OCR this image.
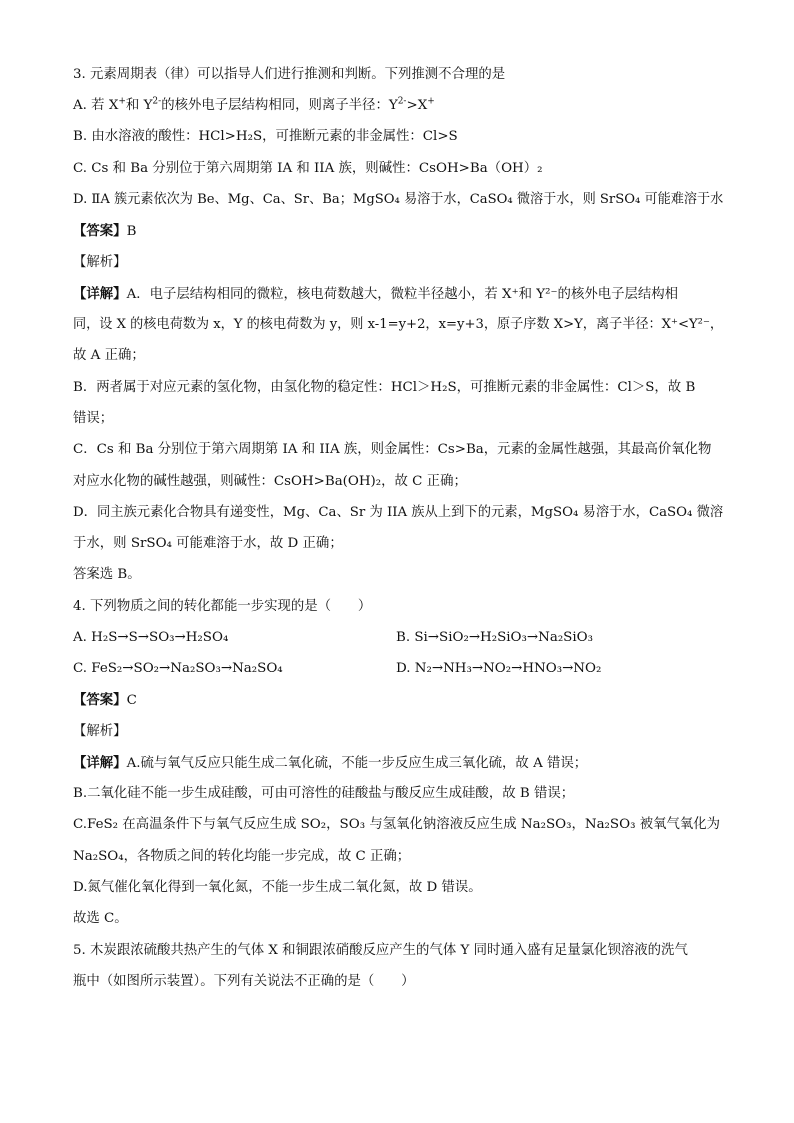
3. 元素周期表（律）可以指导人们进行推测和判断。下列推测不合理的是
A. 若 X+和 $Y^{2-}$的核外电子层结构相同，则离子半径：$Y^{2-}>X^+$
B. 由水溶液的酸性：HCl>H₂S，可推断元素的非金属性：Cl>S
C. Cs 和 Ba 分别位于第六周期第 IA 和 IIA 族，则碱性：CsOH>Ba（OH）₂
D. ⅡA 簇元素依次为 Be、Mg、Ca、Sr、Ba；MgSO₄ 易溶于水，CaSO₄ 微溶于水，则 SrSO₄ 可能难溶于水
【答案】B
【解析】
【详解】A．电子层结构相同的微粒，核电荷数越大，微粒半径越小，若 X⁺和 Y²⁻的核外电子层结构相
同，设 X 的核电荷数为 x，Y 的核电荷数为 y，则 x-1=y+2，x=y+3，原子序数 X>Y，离子半径：X⁺<Y²⁻，
故 A 正确；
B．两者属于对应元素的氢化物，由氢化物的稳定性：HCl＞H₂S，可推断元素的非金属性：Cl＞S，故 B
错误；
C．Cs 和 Ba 分别位于第六周期第 IA 和 IIA 族，则金属性：Cs>Ba，元素的金属性越强，其最高价氧化物
对应水化物的碱性越强，则碱性：CsOH>Ba(OH)₂，故 C 正确；
D．同主族元素化合物具有递变性，Mg、Ca、Sr 为 IIA 族从上到下的元素，MgSO₄ 易溶于水，CaSO₄ 微溶
于水，则 SrSO₄ 可能难溶于水，故 D 正确；
答案选 B。
4. 下列物质之间的转化都能一步实现的是（　　）
A. H₂S→S→SO₃→H₂SO₄	B. Si→SiO₂→H₂SiO₃→Na₂SiO₃
C. FeS₂→SO₂→Na₂SO₃→Na₂SO₄	D. N₂→NH₃→NO₂→HNO₃→NO₂
【答案】C
【解析】
【详解】A.硫与氧气反应只能生成二氧化硫，不能一步反应生成三氧化硫，故 A 错误；
B.二氧化硅不能一步生成硅酸，可由可溶性的硅酸盐与酸反应生成硅酸，故 B 错误；
C.FeS₂ 在高温条件下与氧气反应生成 SO₂，SO₃ 与氢氧化钠溶液反应生成 Na₂SO₃，Na₂SO₃ 被氧气氧化为
Na₂SO₄，各物质之间的转化均能一步完成，故 C 正确；
D.氮气催化氧化得到一氧化氮，不能一步生成二氧化氮，故 D 错误。
故选 C。
5. 木炭跟浓硫酸共热产生的气体 X 和铜跟浓硝酸反应产生的气体 Y 同时通入盛有足量氯化钡溶液的洗气
瓶中（如图所示装置）。下列有关说法不正确的是（　　）
